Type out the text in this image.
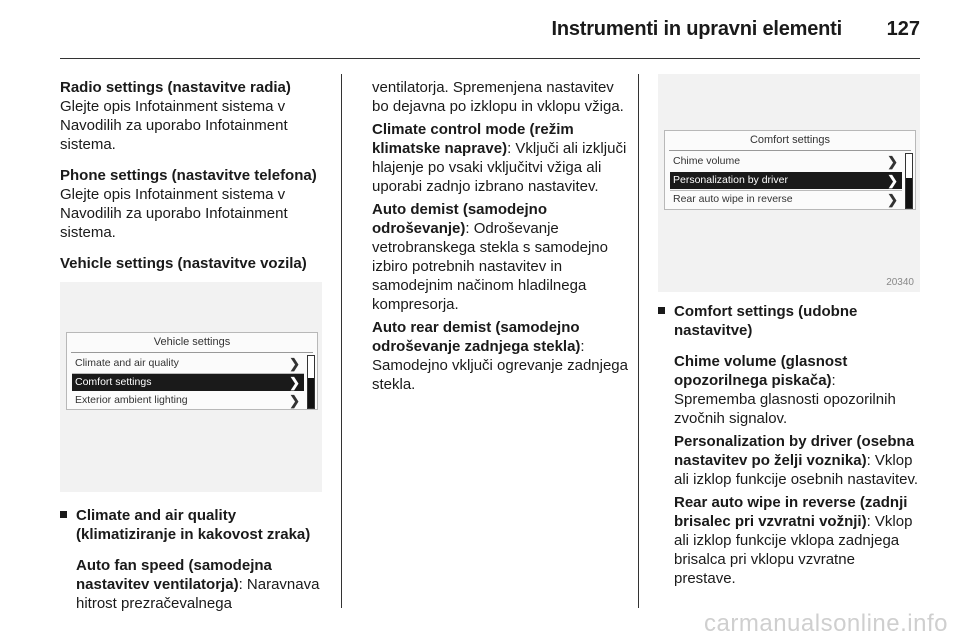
Instrumenti in upravni elementi 127

Radio settings (nastavitve radia)
Glejte opis Infotainment sistema v Navodilih za uporabo Infotainment sistema.

Phone settings (nastavitve telefona)
Glejte opis Infotainment sistema v Navodilih za uporabo Infotainment sistema.

Vehicle settings (nastavitve vozila)

Vehicle settings
Climate and air quality	❯
Comfort settings	❯
Exterior ambient lighting	❯
Climate and air quality (klimatiziranje in kakovost zraka)

Auto fan speed (samodejna nastavitev ventilatorja): Naravnava hitrost prezračevalnega

ventilatorja. Spremenjena nastavitev bo dejavna po izklopu in vklopu vžiga.

Climate control mode (režim klimatske naprave): Vključi ali izključi hlajenje po vsaki vključitvi vžiga ali uporabi zadnjo izbrano nastavitev.

Auto demist (samodejno odroševanje): Odroševanje vetrobranskega stekla s samodejno izbiro potrebnih nastavitev in samodejnim načinom hladilnega kompresorja.

Auto rear demist (samodejno odroševanje zadnjega stekla): Samodejno vključi ogrevanje zadnjega stekla.

Comfort settings
Chime volume	❯
Personalization by driver	❯
Rear auto wipe in reverse	❯
20340
Comfort settings (udobne nastavitve)

Chime volume (glasnost opozorilnega piskača):
Sprememba glasnosti opozorilnih zvočnih signalov.

Personalization by driver (osebna nastavitev po želji voznika): Vklop ali izklop funkcije osebnih nastavitev.

Rear auto wipe in reverse (zadnji brisalec pri vzvratni vožnji): Vklop ali izklop funkcije vklopa zadnjega brisalca pri vklopu vzvratne prestave.

carmanualsonline.info
